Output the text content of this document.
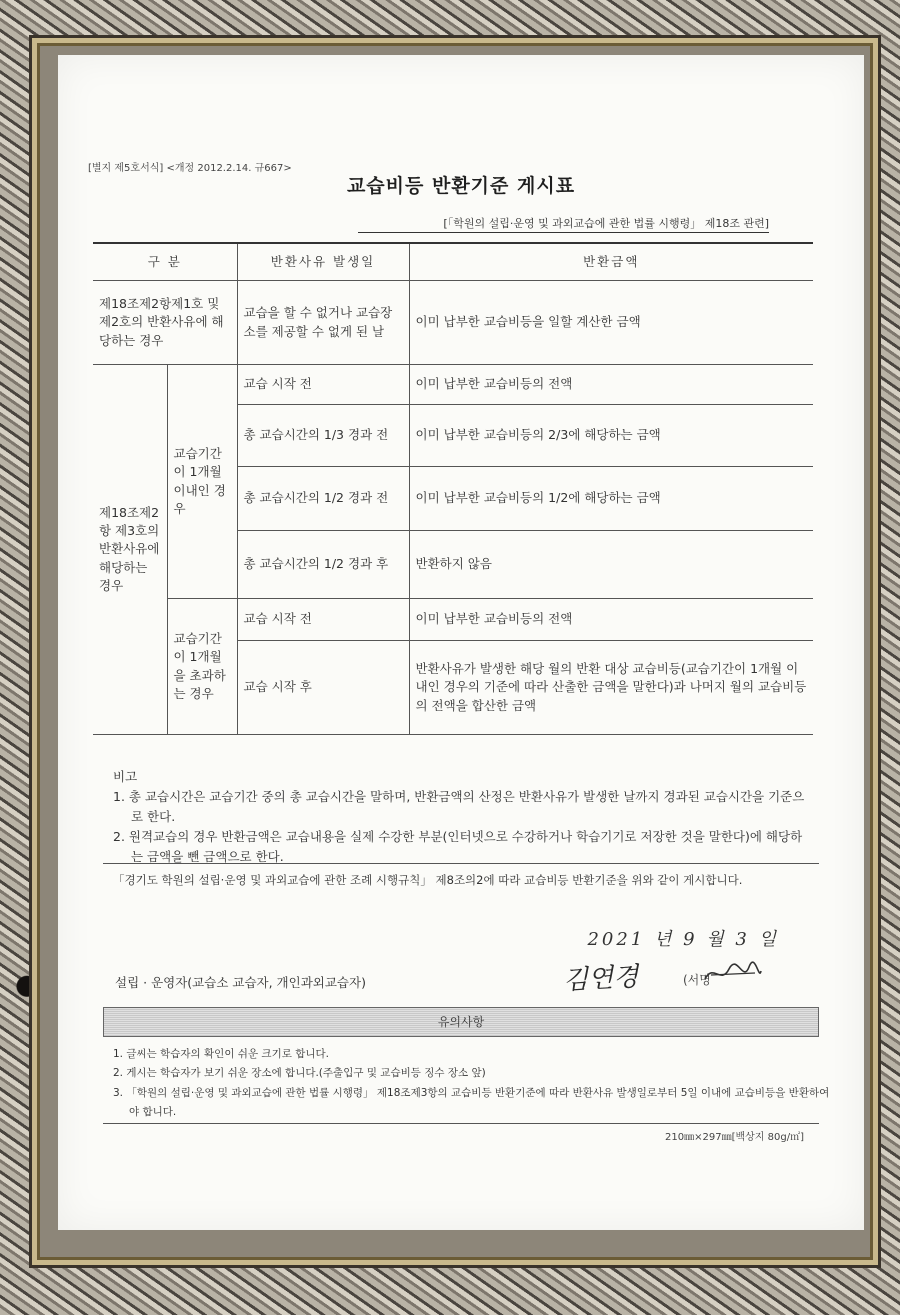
[별지 제5호서식] <개정 2012.2.14. 규667>
교습비등 반환기준 게시표
[「학원의 설립·운영 및 과외교습에 관한 법률 시행령」 제18조 관련]
구 분		반환사유 발생일	반환금액
제18조제2항제1호 및 제2호의 반환사유에 해당하는 경우		교습을 할 수 없거나 교습장소를 제공할 수 없게 된 날	이미 납부한 교습비등을 일할 계산한 금액
제18조제2항 제3호의 반환사유에 해당하는 경우	교습기간이 1개월 이내인 경우	교습 시작 전	이미 납부한 교습비등의 전액
		총 교습시간의 1/3 경과 전	이미 납부한 교습비등의 2/3에 해당하는 금액
		총 교습시간의 1/2 경과 전	이미 납부한 교습비등의 1/2에 해당하는 금액
		총 교습시간의 1/2 경과 후	반환하지 않음
	교습기간이 1개월을 초과하는 경우	교습 시작 전	이미 납부한 교습비등의 전액
		교습 시작 후	반환사유가 발생한 해당 월의 반환 대상 교습비등(교습기간이 1개월 이내인 경우의 기준에 따라 산출한 금액을 말한다)과 나머지 월의 교습비등의 전액을 합산한 금액
비고
1. 총 교습시간은 교습기간 중의 총 교습시간을 말하며, 반환금액의 산정은 반환사유가 발생한 날까지 경과된 교습시간을 기준으로 한다.
2. 원격교습의 경우 반환금액은 교습내용을 실제 수강한 부분(인터넷으로 수강하거나 학습기기로 저장한 것을 말한다)에 해당하는 금액을 뺀 금액으로 한다.
「경기도 학원의 설립·운영 및 과외교습에 관한 조례 시행규칙」 제8조의2에 따라 교습비등 반환기준을 위와 같이 게시합니다.
2021 년 9 월 3 일
설립 · 운영자(교습소 교습자, 개인과외교습자)	김연경	(서명
유의사항
1. 글씨는 학습자의 확인이 쉬운 크기로 합니다.
2. 게시는 학습자가 보기 쉬운 장소에 합니다.(주출입구 및 교습비등 징수 장소 앞)
3. 「학원의 설립·운영 및 과외교습에 관한 법률 시행령」 제18조제3항의 교습비등 반환기준에 따라 반환사유 발생일로부터 5일 이내에 교습비등을 반환하여야 합니다.
210㎜×297㎜[백상지 80g/㎡]
